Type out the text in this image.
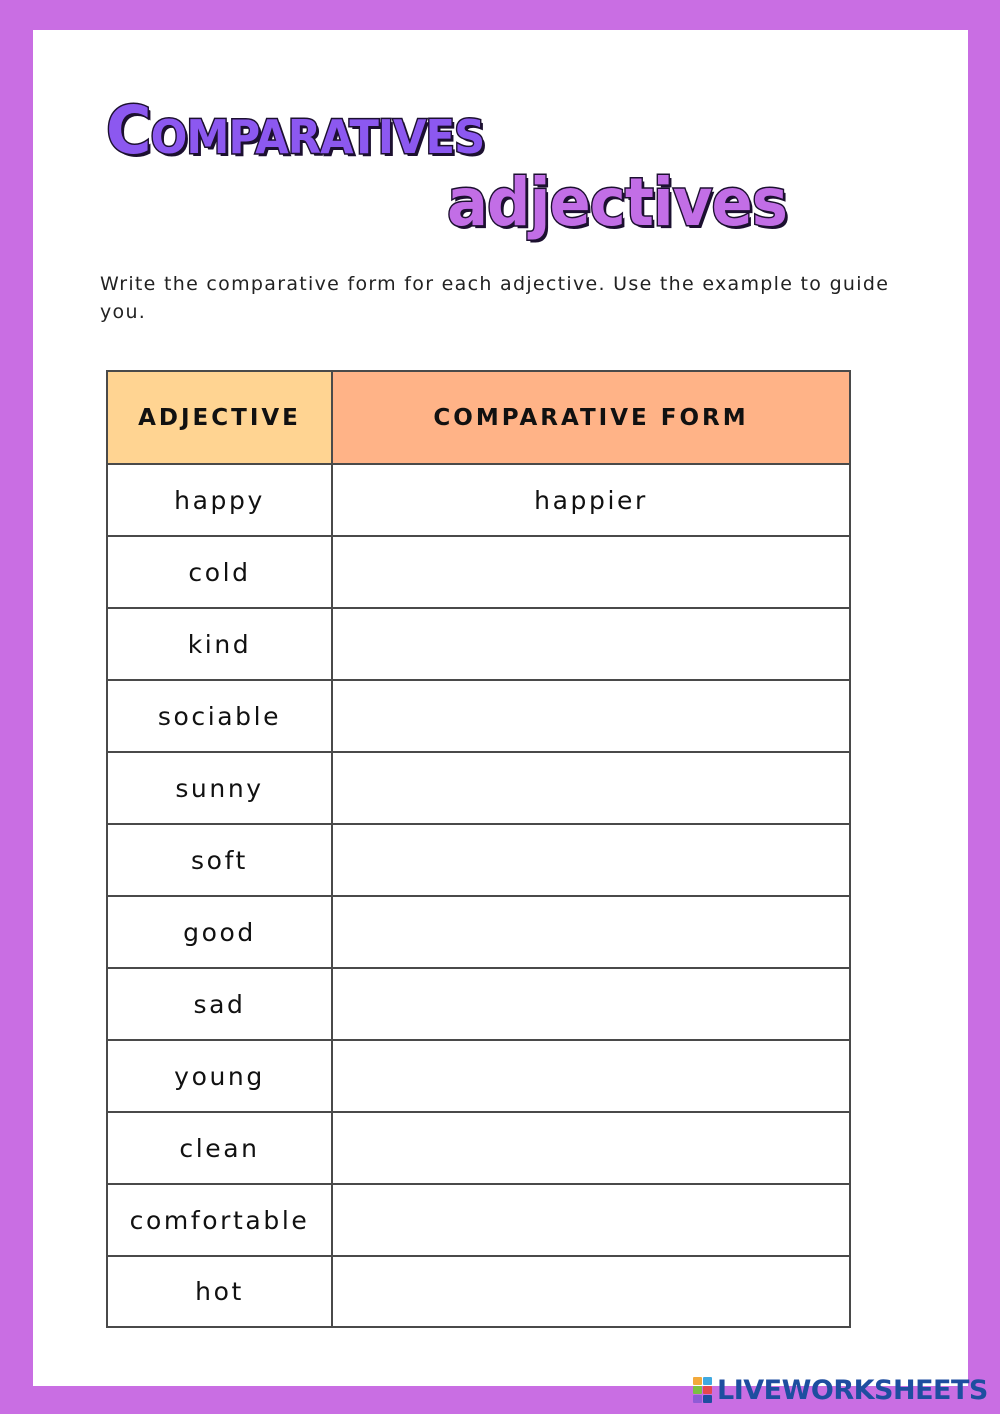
Comparatives
adjectives

Write the comparative form for each adjective. Use the example to guide you.

ADJECTIVE	COMPARATIVE FORM
happy	happier
cold
kind
sociable
sunny
soft
good
sad
young
clean
comfortable
hot
LIVEWORKSHEETS
